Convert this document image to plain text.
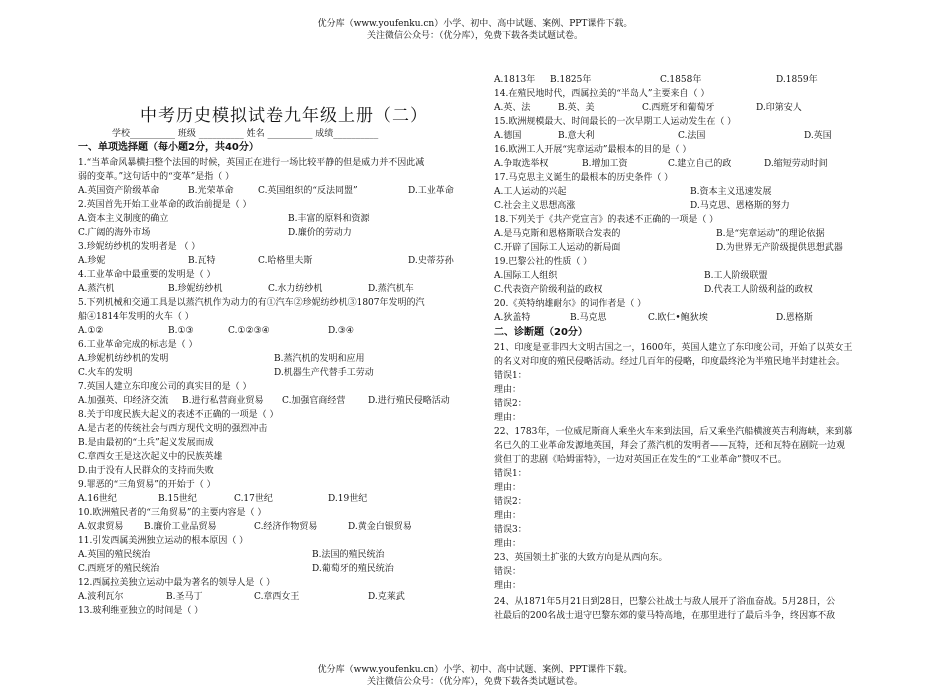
优分库（www.youfenku.cn）小学、初中、高中试题、案例、PPT课件下载。
关注微信公众号：（优分库），免费下载各类试题试卷。
中考历史模拟试卷九年级上册（二）
学校__________ 班级 __________ 姓名 __________ 成绩__________
一、单项选择题（每小题2分，共40分）
1.“当革命风暴横扫整个法国的时候，英国正在进行一场比较平静的但是威力并不因此减
弱的变革。”这句话中的“变革”是指（ ）
A.英国资产阶级革命	B.光荣革命	C.英国组织的“反法同盟”	D.工业革命
2.英国首先开始工业革命的政治前提是（ ）
A.资本主义制度的确立	B.丰富的原料和资源
C.广阔的海外市场	D.廉价的劳动力
3.珍妮纺纱机的发明者是 （ ）
A.珍妮	B.瓦特	C.哈格里夫斯	D.史蒂芬孙
4.工业革命中最重要的发明是（ ）
A.蒸汽机	B.珍妮纺纱机	C.水力纺纱机	D.蒸汽机车
5.下列机械和交通工具是以蒸汽机作为动力的有①汽车②珍妮纺纱机③1807年发明的汽
船④1814年发明的火车（ ）
A.①②	B.①③	C.①②③④	D.③④
6.工业革命完成的标志是（ ）
A.珍妮机纺纱机的发明	B.蒸汽机的发明和应用
C.火车的发明	D.机器生产代替手工劳动
7.英国人建立东印度公司的真实目的是（ ）
A.加强英、印经济交流 B.进行私营商业贸易 C.加强官商经营	D.进行殖民侵略活动
8.关于印度民族大起义的表述不正确的一项是（ ）
A.是古老的传统社会与西方现代文明的强烈冲击
B.是由最初的“土兵”起义发展而成
C.章西女王是这次起义中的民族英雄
D.由于没有人民群众的支持而失败
9.罪恶的“三角贸易”的开始于（ ）
A.16世纪	B.15世纪	C.17世纪	D.19世纪
10.欧洲殖民者的“三角贸易”的主要内容是（ ）
A.奴隶贸易 B.廉价工业品贸易	C.经济作物贸易	D.黄金白银贸易
11.引发西属美洲独立运动的根本原因（ ）
A.英国的殖民统治	B.法国的殖民统治
C.西班牙的殖民统治	D.葡萄牙的殖民统治
12.西属拉美独立运动中最为著名的领导人是（ ）
A.波利瓦尔	B.圣马丁	C.章西女王	D.克莱武
13.玻利维亚独立的时间是（ ）
A.1813年 B.1825年	C.1858年	D.1859年
14.在殖民地时代，西属拉美的“半岛人”主要来自（ ）
A.英、法	B.英、美	C.西班牙和葡萄牙	D.印第安人
15.欧洲规模最大、时间最长的一次早期工人运动发生在（ ）
A.德国	B.意大利	C.法国	D.英国
16.欧洲工人开展“宪章运动”最根本的目的是（ ）
A.争取选举权	B.增加工资	C.建立自己的政	D.缩短劳动时间
17.马克思主义诞生的最根本的历史条件（ ）
A.工人运动的兴起	B.资本主义迅速发展
C.社会主义思想高涨	D.马克思、恩格斯的努力
18.下列关于《共产党宣言》的表述不正确的一项是（ ）
A.是马克斯和恩格斯联合发表的	B.是“宪章运动”的理论依据
C.开辟了国际工人运动的新局面	D.为世界无产阶级提供思想武器
19.巴黎公社的性质（ ）
A.国际工人组织	B.工人阶级联盟
C.代表资产阶级利益的政权	D.代表工人阶级利益的政权
20.《英特纳雄耐尔》的词作者是（ ）
A.狄盖特	B.马克思	C.欧仁•鲍狄埃	D.恩格斯
二、诊断题（20分）
21、印度是亚非四大文明古国之一，1600年，英国人建立了东印度公司，开始了以英女王
的名义对印度的殖民侵略活动。经过几百年的侵略，印度最终沦为半殖民地半封建社会。
错误1：
理由：
错误2：
理由：
22、1783年，一位威尼斯商人乘坐火车来到法国，后又乘坐汽船横渡英吉利海峡，来到慕
名已久的工业革命发源地英国，拜会了蒸汽机的发明者——瓦特，还和瓦特在剧院一边观
赏但丁的悲剧《哈姆雷特》，一边对英国正在发生的“工业革命”赞叹不已。
错误1：
理由：
错误2：
理由：
错误3：
理由：
23、英国领土扩张的大致方向是从西向东。
错误：
理由：
24、从1871年5月21日到28日，巴黎公社战士与敌人展开了浴血奋战。5月28日，公
社最后的200名战士退守巴黎东郊的蒙马特高地，在那里进行了最后斗争，终因寡不敌
优分库（www.youfenku.cn）小学、初中、高中试题、案例、PPT课件下载。
关注微信公众号：（优分库），免费下载各类试题试卷。
